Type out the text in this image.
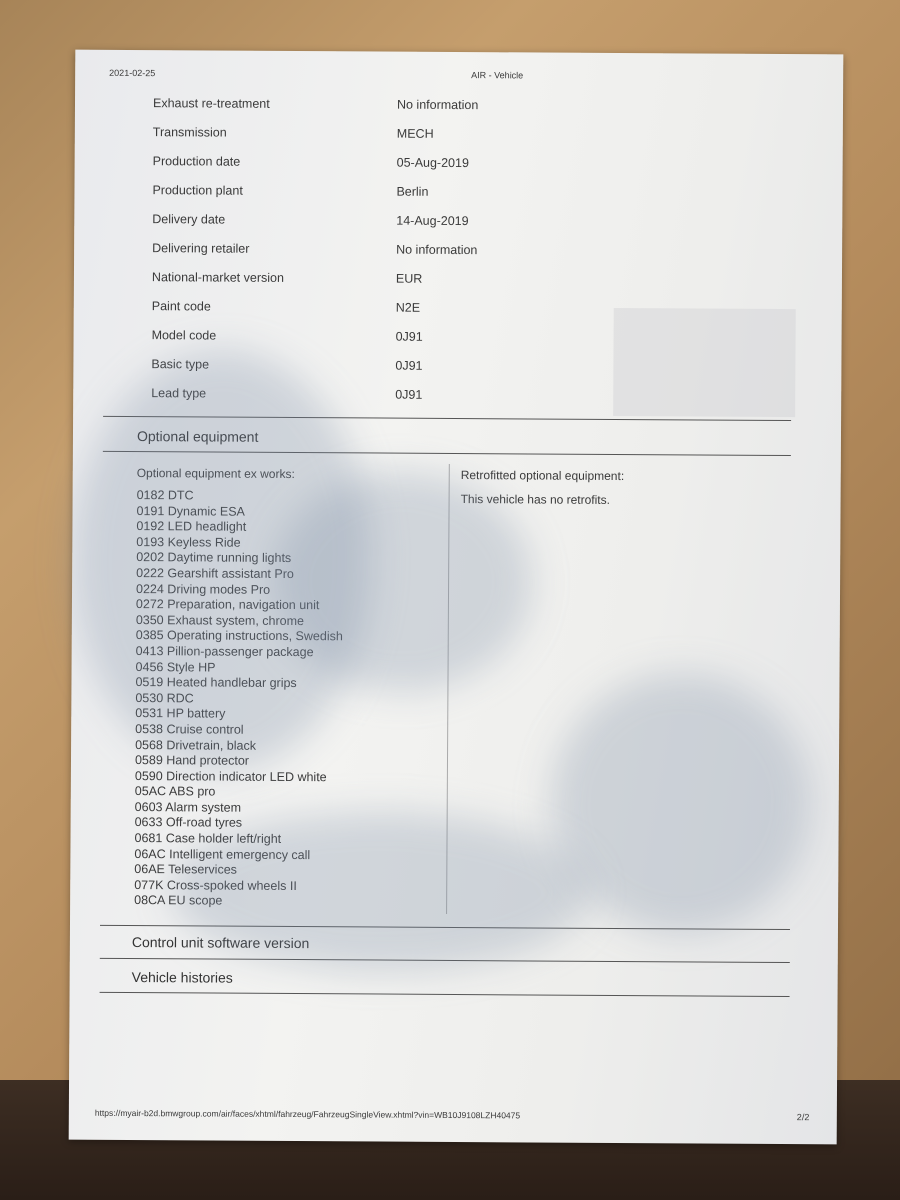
2021-02-25	AIR - Vehicle
Exhaust re-treatment	No information
Transmission	MECH
Production date	05-Aug-2019
Production plant	Berlin
Delivery date	14-Aug-2019
Delivering retailer	No information
National-market version	EUR
Paint code	N2E
Model code	0J91
Basic type	0J91
Lead type	0J91
Optional equipment
Optional equipment ex works:	Retrofitted optional equipment:
This vehicle has no retrofits.
0182 DTC
0191 Dynamic ESA
0192 LED headlight
0193 Keyless Ride
0202 Daytime running lights
0222 Gearshift assistant Pro
0224 Driving modes Pro
0272 Preparation, navigation unit
0350 Exhaust system, chrome
0385 Operating instructions, Swedish
0413 Pillion-passenger package
0456 Style HP
0519 Heated handlebar grips
0530 RDC
0531 HP battery
0538 Cruise control
0568 Drivetrain, black
0589 Hand protector
0590 Direction indicator LED white
05AC ABS pro
0603 Alarm system
0633 Off-road tyres
0681 Case holder left/right
06AC Intelligent emergency call
06AE Teleservices
077K Cross-spoked wheels II
08CA EU scope
Control unit software version
Vehicle histories
https://myair-b2d.bmwgroup.com/air/faces/xhtml/fahrzeug/FahrzeugSingleView.xhtml?vin=WB10J9108LZH40475	2/2
